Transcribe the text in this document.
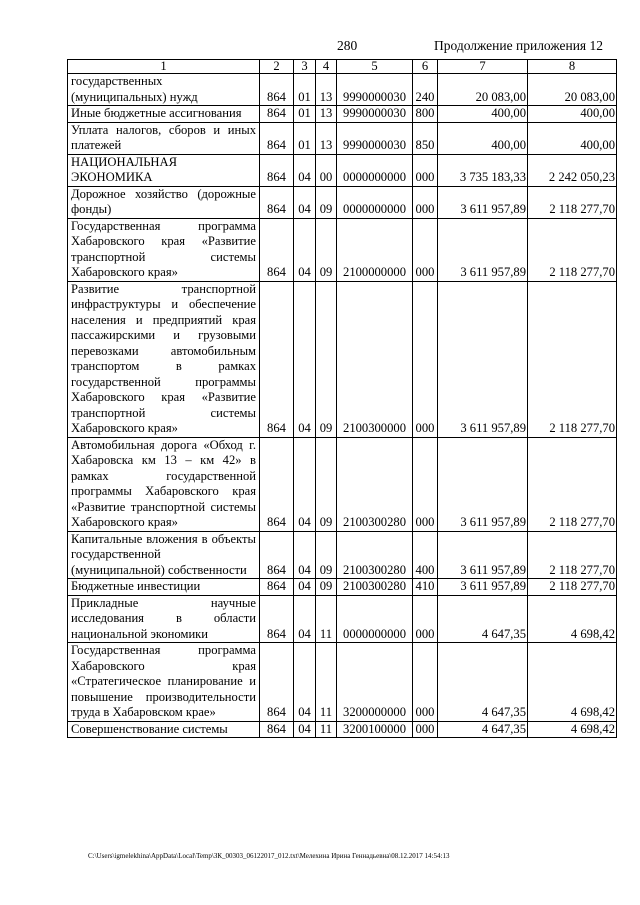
280	Продолжение приложения 12
1	2	3	4	5	6	7	8
государственных (муниципальных) нужд	864	01	13	9990000030	240	20 083,00	20 083,00
Иные бюджетные ассигнования	864	01	13	9990000030	800	400,00	400,00
Уплата налогов, сборов и иных платежей	864	01	13	9990000030	850	400,00	400,00
НАЦИОНАЛЬНАЯ ЭКОНОМИКА	864	04	00	0000000000	000	3 735 183,33	2 242 050,23
Дорожное хозяйство (дорожные фонды)	864	04	09	0000000000	000	3 611 957,89	2 118 277,70
Государственная программа Хабаровского края «Развитие транспортной системы Хабаровского края»	864	04	09	2100000000	000	3 611 957,89	2 118 277,70
Развитие транспортной инфраструктуры и обеспечение населения и предприятий края пассажирскими и грузовыми перевозками автомобильным транспортом в рамках государственной программы Хабаровского края «Развитие транспортной системы Хабаровского края»	864	04	09	2100300000	000	3 611 957,89	2 118 277,70
Автомобильная дорога «Обход г. Хабаровска км 13 – км 42» в рамках государственной программы Хабаровского края «Развитие транспортной системы Хабаровского края»	864	04	09	2100300280	000	3 611 957,89	2 118 277,70
Капитальные вложения в объекты государственной (муниципальной) собственности	864	04	09	2100300280	400	3 611 957,89	2 118 277,70
Бюджетные инвестиции	864	04	09	2100300280	410	3 611 957,89	2 118 277,70
Прикладные научные исследования в области национальной экономики	864	04	11	0000000000	000	4 647,35	4 698,42
Государственная программа Хабаровского края «Стратегическое планирование и повышение производительности труда в Хабаровском крае»	864	04	11	3200000000	000	4 647,35	4 698,42
Совершенствование системы	864	04	11	3200100000	000	4 647,35	4 698,42
C:\Users\igmelekhina\AppData\Local\Temp\ЗК_00303_06122017_012.txt\Мелехина Ирина Геннадьевна\08.12.2017 14:54:13
